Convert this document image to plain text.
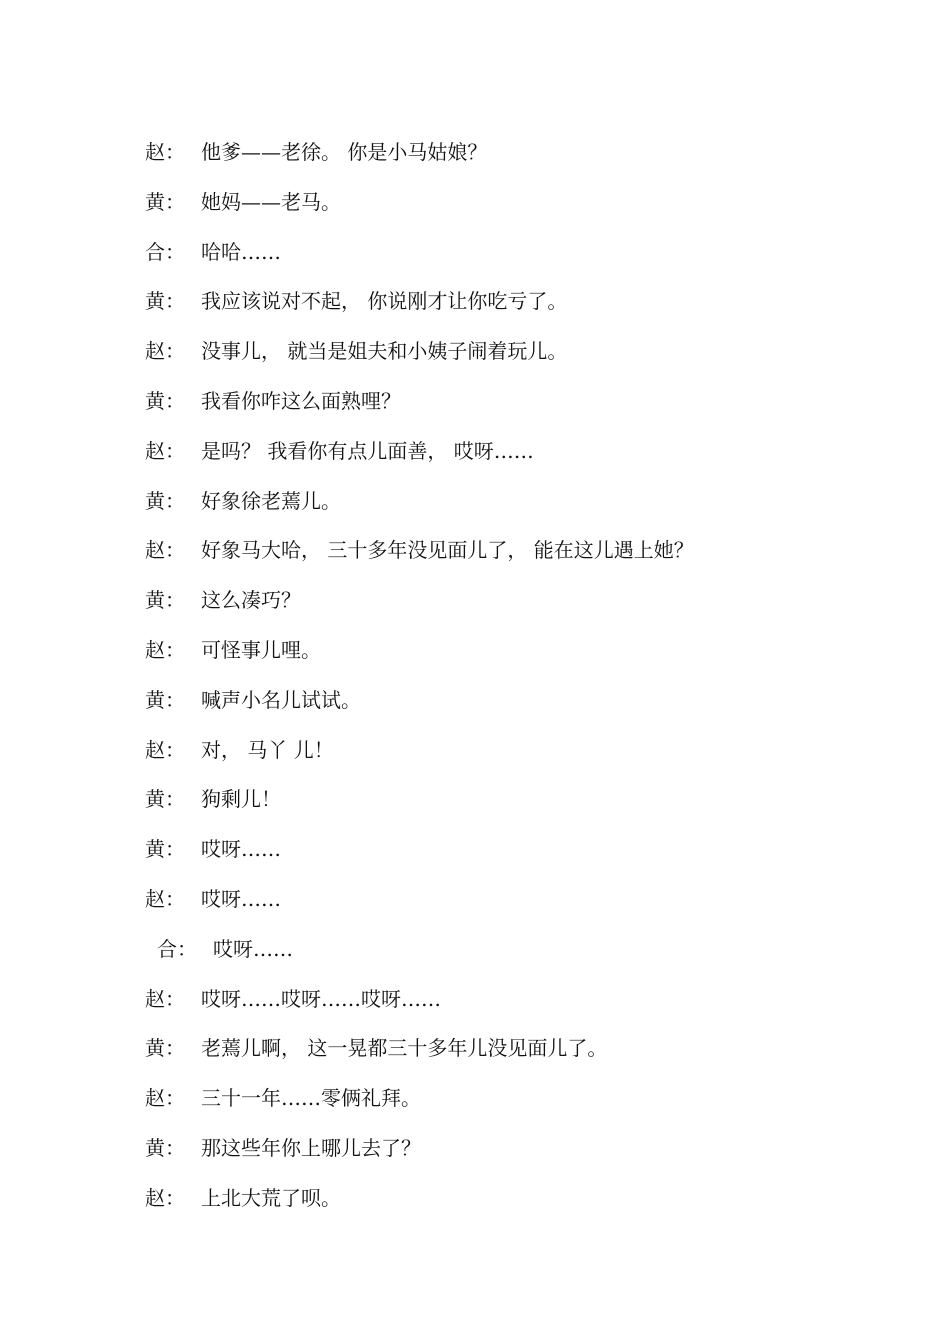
赵： 他爹——老徐。 你是小马姑娘？
黄： 她妈——老马。
合： 哈哈……
黄： 我应该说对不起， 你说刚才让你吃亏了。
赵： 没事儿， 就当是姐夫和小姨子闹着玩儿。
黄： 我看你咋这么面熟哩？
赵： 是吗？ 我看你有点儿面善， 哎呀……
黄： 好象徐老蔫儿。
赵： 好象马大哈， 三十多年没见面儿了， 能在这儿遇上她？
黄： 这么凑巧？
赵： 可怪事儿哩。
黄： 喊声小名儿试试。
赵： 对， 马丫 儿！
黄： 狗剩儿！
黄： 哎呀……
赵： 哎呀……
合： 哎呀……
赵： 哎呀……哎呀……哎呀……
黄： 老蔫儿啊， 这一晃都三十多年儿没见面儿了。
赵： 三十一年……零俩礼拜。
黄： 那这些年你上哪儿去了？
赵： 上北大荒了呗。
